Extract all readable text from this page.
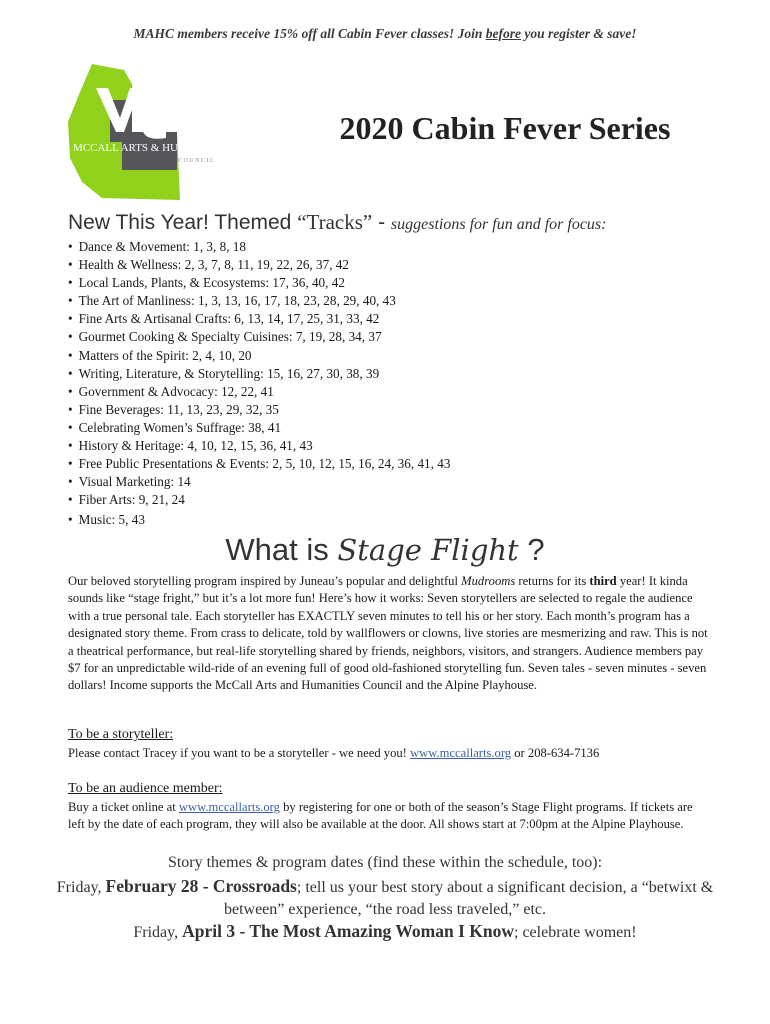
MAHC members receive 15% off all Cabin Fever classes! Join before you register & save!
MCCALL ARTS & HUMANITIES
C O U N C I L
2020 Cabin Fever Series
New This Year! Themed “Tracks” - suggestions for fun and for focus:
• Dance & Movement: 1, 3, 8, 18
• Health & Wellness: 2, 3, 7, 8, 11, 19, 22, 26, 37, 42
• Local Lands, Plants, & Ecosystems: 17, 36, 40, 42
• The Art of Manliness: 1, 3, 13, 16, 17, 18, 23, 28, 29, 40, 43
• Fine Arts & Artisanal Crafts: 6, 13, 14, 17, 25, 31, 33, 42
• Gourmet Cooking & Specialty Cuisines: 7, 19, 28, 34, 37
• Matters of the Spirit: 2, 4, 10, 20
• Writing, Literature, & Storytelling: 15, 16, 27, 30, 38, 39
• Government & Advocacy: 12, 22, 41
• Fine Beverages: 11, 13, 23, 29, 32, 35
• Celebrating Women’s Suffrage: 38, 41
• History & Heritage: 4, 10, 12, 15, 36, 41, 43
• Free Public Presentations & Events: 2, 5, 10, 12, 15, 16, 24, 36, 41, 43
• Visual Marketing: 14
• Fiber Arts: 9, 21, 24
• Music: 5, 43
What is Stage Flight ?
Our beloved storytelling program inspired by Juneau’s popular and delightful Mudrooms returns for its third year! It kinda sounds like “stage fright,” but it’s a lot more fun! Here’s how it works: Seven storytellers are selected to regale the audience with a true personal tale. Each storyteller has EXACTLY seven minutes to tell his or her story. Each month’s program has a designated story theme. From crass to delicate, told by wallflowers or clowns, live stories are mesmerizing and raw. This is not a theatrical performance, but real-life storytelling shared by friends, neighbors, visitors, and strangers. Audience members pay $7 for an unpredictable wild-ride of an evening full of good old-fashioned storytelling fun. Seven tales - seven minutes - seven dollars! Income supports the McCall Arts and Humanities Council and the Alpine Playhouse.
To be a storyteller:
Please contact Tracey if you want to be a storyteller - we need you! www.mccallarts.org or 208-634-7136
To be an audience member:
Buy a ticket online at www.mccallarts.org by registering for one or both of the season’s Stage Flight programs. If tickets are left by the date of each program, they will also be available at the door. All shows start at 7:00pm at the Alpine Playhouse.
Story themes & program dates (find these within the schedule, too):
Friday, February 28 - Crossroads; tell us your best story about a significant decision, a “betwixt & between” experience, “the road less traveled,” etc.
Friday, April 3 - The Most Amazing Woman I Know; celebrate women!
